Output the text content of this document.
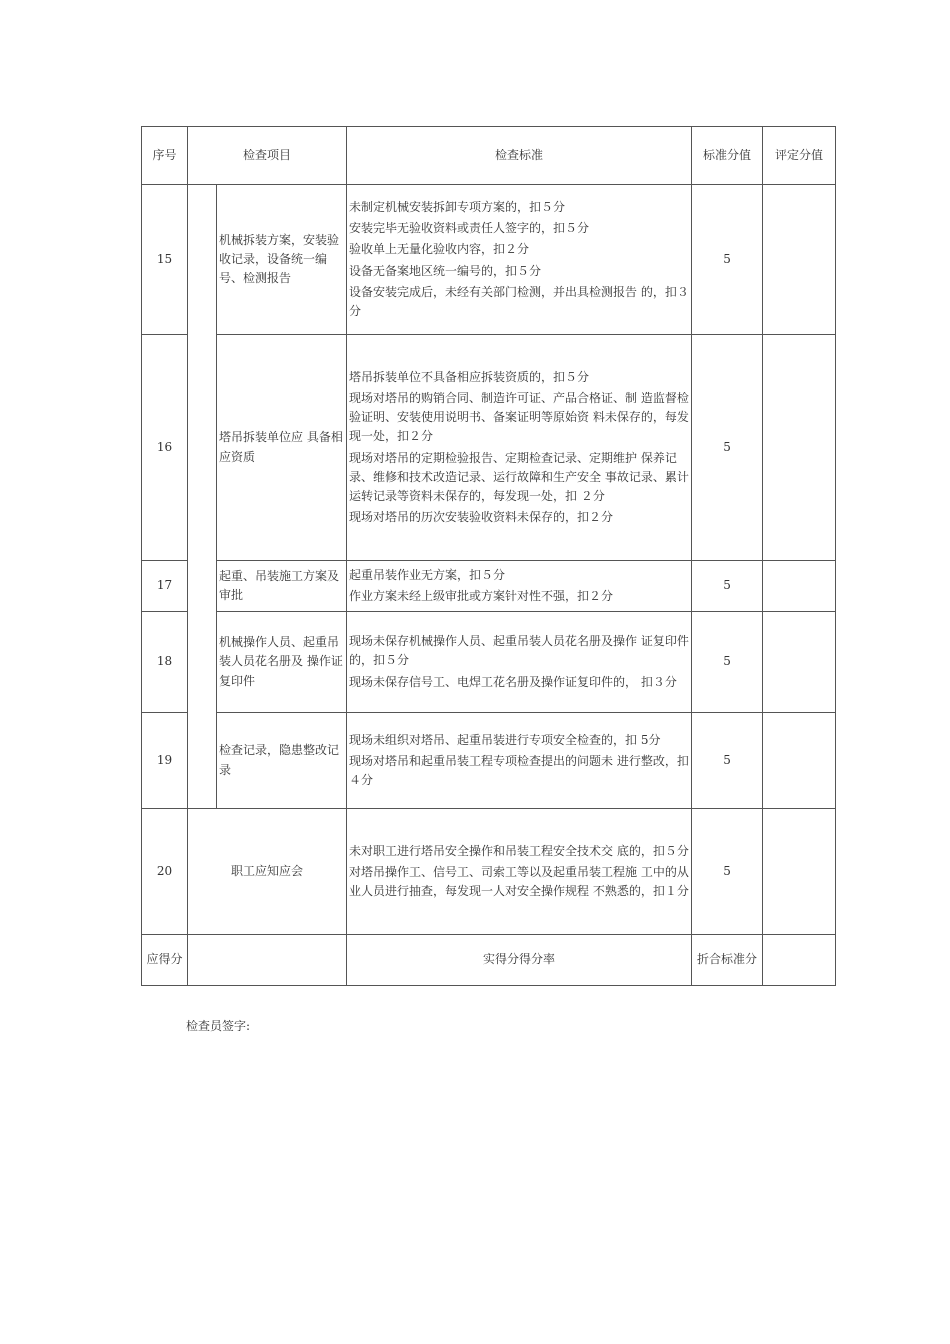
序号	检查项目		检查标准	标准分值	评定分值
15		机械拆装方案，安装验收记录，设备统一编号、检测报告	未制定机械安装拆卸专项方案的，扣５分
安装完毕无验收资料或责任人签字的，扣５分
验收单上无量化验收内容，扣２分
设备无备案地区统一编号的，扣５分
设备安装完成后，未经有关部门检测，并出具检测报告 的，扣３分	5	
16		塔吊拆装单位应 具备相应资质	塔吊拆装单位不具备相应拆装资质的，扣５分
现场对塔吊的购销合同、制造许可证、产品合格证、制 造监督检验证明、安装使用说明书、备案证明等原始资 料未保存的，每发现一处，扣２分
现场对塔吊的定期检验报告、定期检查记录、定期维护 保养记录、维修和技术改造记录、运行故障和生产安全 事故记录、累计运转记录等资料未保存的，每发现一处，扣 ２分
现场对塔吊的历次安装验收资料未保存的，扣２分	5	
17		起重、吊装施工方案及审批	起重吊装作业无方案，扣５分
作业方案未经上级审批或方案针对性不强，扣２分	5	
18		机械操作人员、起重吊装人员花名册及 操作证复印件	现场未保存机械操作人员、起重吊装人员花名册及操作 证复印件的，扣５分
现场未保存信号工、电焊工花名册及操作证复印件的， 扣３分	5	
19		检查记录，隐患整改记录	现场未组织对塔吊、起重吊装进行专项安全检查的，扣 5分
现场对塔吊和起重吊装工程专项检查提出的问题未 进行整改，扣４分	5	
20	职工应知应会		未对职工进行塔吊安全操作和吊装工程安全技术交 底的，扣５分
对塔吊操作工、信号工、司索工等以及起重吊装工程施 工中的从业人员进行抽查，每发现一人对安全操作规程 不熟悉的，扣１分	5	
应得分			实得分得分率	折合标准分	
检查员签字:
